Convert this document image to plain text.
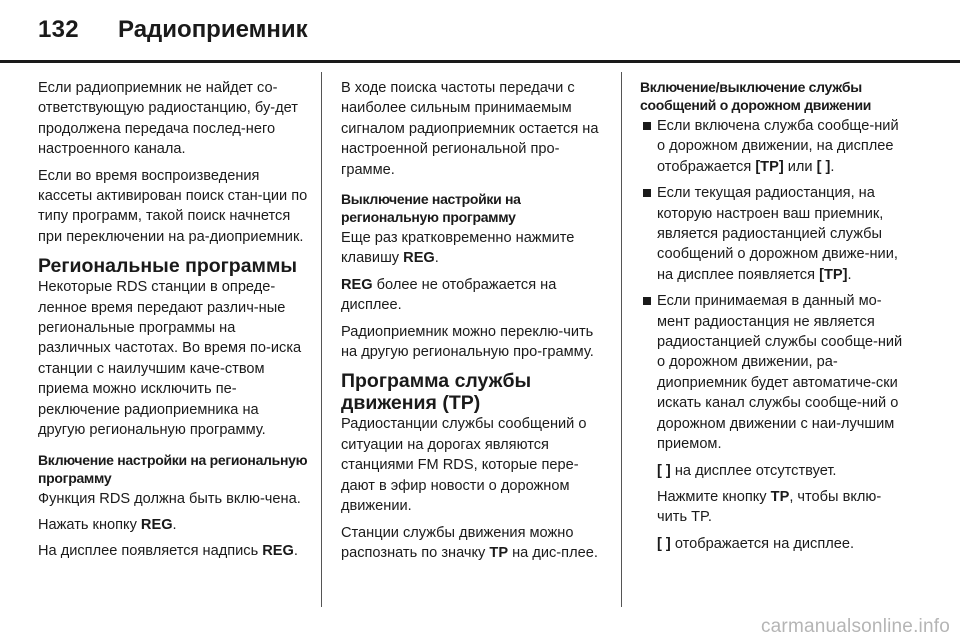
132 Радиоприемник

Если радиоприемник не найдет со-ответствующую радиостанцию, бу-дет продолжена передача послед-него настроенного канала.

Если во время воспроизведения кассеты активирован поиск стан-ции по типу программ, такой поиск начнется при переключении на ра-диоприемник.

Региональные программы

Некоторые RDS станции в опреде-ленное время передают различ-ные региональные программы на различных частотах. Во время по-иска станции с наилучшим каче-ством приема можно исключить пе-реключение радиоприемника на другую региональную программу.

Включение настройки на региональную программу

Функция RDS должна быть вклю-чена.

Нажать кнопку REG.

На дисплее появляется надпись REG.

В ходе поиска частоты передачи с наиболее сильным принимаемым сигналом радиоприемник остается на настроенной региональной про-грамме.

Выключение настройки на региональную программу

Еще раз кратковременно нажмите клавишу REG.

REG более не отображается на дисплее.

Радиоприемник можно переклю-чить на другую региональную про-грамму.

Программа службы движения (TP)

Радиостанции службы сообщений о ситуации на дорогах являются станциями FM RDS, которые пере-дают в эфир новости о дорожном движении.

Станции службы движения можно распознать по значку TP на дис-плее.

Включение/выключение службы сообщений о дорожном движении

Если включена служба сообще-ний о дорожном движении, на дисплее отображается [TP] или [ ].

Если текущая радиостанция, на которую настроен ваш приемник, является радиостанцией службы сообщений о дорожном движе-нии, на дисплее появляется [TP].

Если принимаемая в данный мо-мент радиостанция не является радиостанцией службы сообще-ний о дорожном движении, ра-диоприемник будет автоматиче-ски искать канал службы сообще-ний о дорожном движении с наи-лучшим приемом.

[ ] на дисплее отсутствует.

Нажмите кнопку TP, чтобы вклю-чить TP.

[ ] отображается на дисплее.

carmanualsonline.info
